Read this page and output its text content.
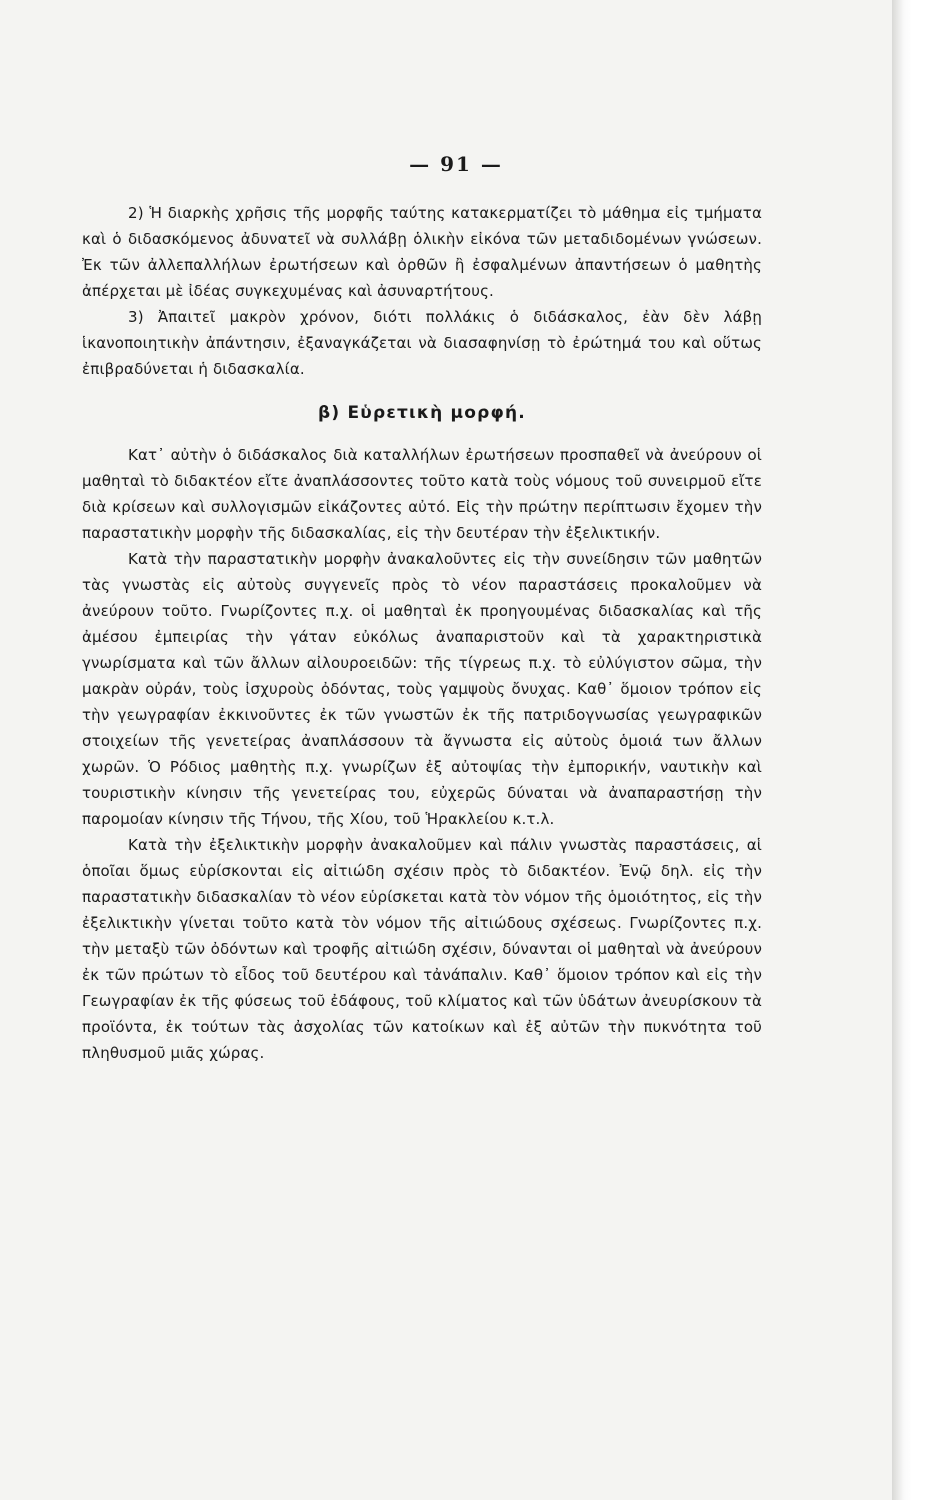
— 91 —

2) Ἡ διαρκὴς χρῆσις τῆς μορφῆς ταύτης κατακερματίζει τὸ μάθημα εἰς τμήματα καὶ ὁ διδασκόμενος ἀδυνατεῖ νὰ συλλάβῃ ὁλικὴν εἰκόνα τῶν μεταδιδομένων γνώσεων. Ἐκ τῶν ἀλλεπαλλήλων ἐρωτήσεων καὶ ὀρθῶν ἢ ἐσφαλμένων ἀπαντήσεων ὁ μαθητὴς ἀπέρχεται μὲ ἰδέας συγκεχυμένας καὶ ἀσυναρτήτους.

3) Ἀπαιτεῖ μακρὸν χρόνον, διότι πολλάκις ὁ διδάσκαλος, ἐὰν δὲν λάβῃ ἱκανοποιητικὴν ἀπάντησιν, ἐξαναγκάζεται νὰ διασαφηνίσῃ τὸ ἐρώτημά του καὶ οὕτως ἐπιβραδύνεται ἡ διδασκαλία.

β) Εὑρετικὴ μορφή.

Κατ᾽ αὐτὴν ὁ διδάσκαλος διὰ καταλλήλων ἐρωτήσεων προσπαθεῖ νὰ ἀνεύρουν οἱ μαθηταὶ τὸ διδακτέον εἴτε ἀναπλάσσοντες τοῦτο κατὰ τοὺς νόμους τοῦ συνειρμοῦ εἴτε διὰ κρίσεων καὶ συλλογισμῶν εἰκάζοντες αὐτό. Εἰς τὴν πρώτην περίπτωσιν ἔχομεν τὴν παραστατικὴν μορφὴν τῆς διδασκαλίας, εἰς τὴν δευτέραν τὴν ἐξελικτικήν.

Κατὰ τὴν παραστατικὴν μορφὴν ἀνακαλοῦντες εἰς τὴν συνείδησιν τῶν μαθητῶν τὰς γνωστὰς εἰς αὐτοὺς συγγενεῖς πρὸς τὸ νέον παραστάσεις προκαλοῦμεν νὰ ἀνεύρουν τοῦτο. Γνωρίζοντες π.χ. οἱ μαθηταὶ ἐκ προηγουμένας διδασκαλίας καὶ τῆς ἀμέσου ἐμπειρίας τὴν γάταν εὐκόλως ἀναπαριστοῦν καὶ τὰ χαρακτηριστικὰ γνωρίσματα καὶ τῶν ἄλλων αἰλουροειδῶν: τῆς τίγρεως π.χ. τὸ εὐλύγιστον σῶμα, τὴν μακρὰν οὐράν, τοὺς ἰσχυροὺς ὀδόντας, τοὺς γαμψοὺς ὄνυχας. Καθ᾽ ὅμοιον τρόπον εἰς τὴν γεωγραφίαν ἐκκινοῦντες ἐκ τῶν γνωστῶν ἐκ τῆς πατριδογνωσίας γεωγραφικῶν στοιχείων τῆς γενετείρας ἀναπλάσσουν τὰ ἄγνωστα εἰς αὐτοὺς ὁμοιά των ἄλλων χωρῶν. Ὁ Ρόδιος μαθητὴς π.χ. γνωρίζων ἐξ αὐτοψίας τὴν ἐμπορικήν, ναυτικὴν καὶ τουριστικὴν κίνησιν τῆς γενετείρας του, εὐχερῶς δύναται νὰ ἀναπαραστήσῃ τὴν παρομοίαν κίνησιν τῆς Τήνου, τῆς Χίου, τοῦ Ἡρακλείου κ.τ.λ.

Κατὰ τὴν ἐξελικτικὴν μορφὴν ἀνακαλοῦμεν καὶ πάλιν γνωστὰς παραστάσεις, αἱ ὁποῖαι ὅμως εὑρίσκονται εἰς αἰτιώδη σχέσιν πρὸς τὸ διδακτέον. Ἐνῷ δηλ. εἰς τὴν παραστατικὴν διδασκαλίαν τὸ νέον εὑρίσκεται κατὰ τὸν νόμον τῆς ὁμοιότητος, εἰς τὴν ἐξελικτικὴν γίνεται τοῦτο κατὰ τὸν νόμον τῆς αἰτιώδους σχέσεως. Γνωρίζοντες π.χ. τὴν μεταξὺ τῶν ὀδόντων καὶ τροφῆς αἰτιώδη σχέσιν, δύνανται οἱ μαθηταὶ νὰ ἀνεύρουν ἐκ τῶν πρώτων τὸ εἶδος τοῦ δευτέρου καὶ τἀνάπαλιν. Καθ᾽ ὅμοιον τρόπον καὶ εἰς τὴν Γεωγραφίαν ἐκ τῆς φύσεως τοῦ ἐδάφους, τοῦ κλίματος καὶ τῶν ὑδάτων ἀνευρίσκουν τὰ προϊόντα, ἐκ τούτων τὰς ἀσχολίας τῶν κατοίκων καὶ ἐξ αὐτῶν τὴν πυκνότητα τοῦ πληθυσμοῦ μιᾶς χώρας.
